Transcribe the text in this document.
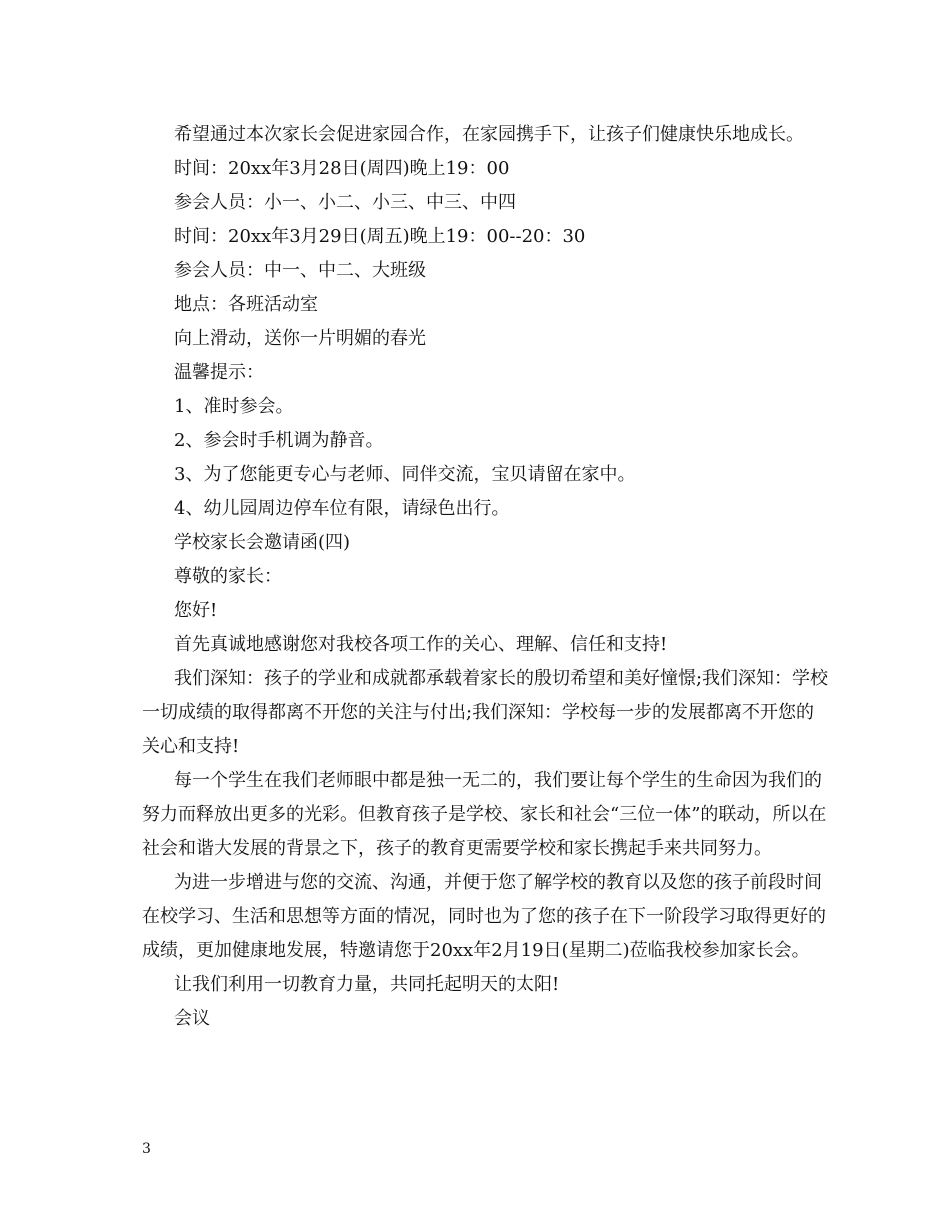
希望通过本次家长会促进家园合作，在家园携手下，让孩子们健康快乐地成长。
时间：20xx年3月28日(周四)晚上19：00
参会人员：小一、小二、小三、中三、中四
时间：20xx年3月29日(周五)晚上19：00--20：30
参会人员：中一、中二、大班级
地点：各班活动室
向上滑动，送你一片明媚的春光
温馨提示：
1、准时参会。
2、参会时手机调为静音。
3、为了您能更专心与老师、同伴交流，宝贝请留在家中。
4、幼儿园周边停车位有限，请绿色出行。
学校家长会邀请函(四)
尊敬的家长：
您好!
首先真诚地感谢您对我校各项工作的关心、理解、信任和支持!

我们深知：孩子的学业和成就都承载着家长的殷切希望和美好憧憬;我们深知：学校一切成绩的取得都离不开您的关注与付出;我们深知：学校每一步的发展都离不开您的关心和支持!

每一个学生在我们老师眼中都是独一无二的，我们要让每个学生的生命因为我们的努力而释放出更多的光彩。但教育孩子是学校、家长和社会“三位一体”的联动，所以在社会和谐大发展的背景之下，孩子的教育更需要学校和家长携起手来共同努力。

为进一步增进与您的交流、沟通，并便于您了解学校的教育以及您的孩子前段时间在校学习、生活和思想等方面的情况，同时也为了您的孩子在下一阶段学习取得更好的成绩，更加健康地发展，特邀请您于20xx年2月19日(星期二)莅临我校参加家长会。

让我们利用一切教育力量，共同托起明天的太阳!
会议
3
